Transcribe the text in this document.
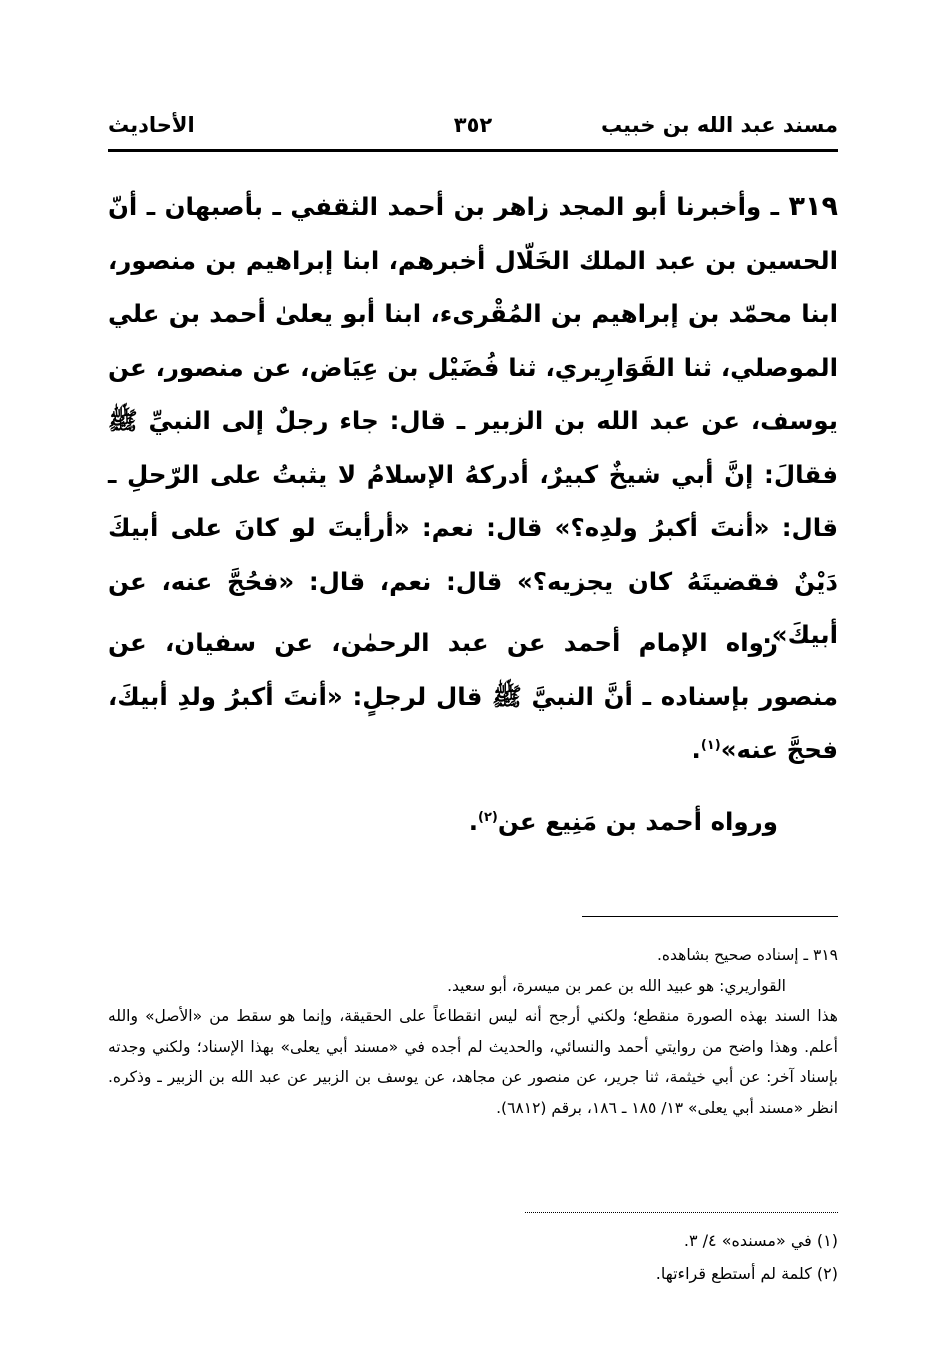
مسند عبد الله بن خبيب
٣٥٢
الأحاديث

٣١٩ ـ وأخبرنا أبو المجد زاهر بن أحمد الثقفي ـ بأصبهان ـ أنّ الحسين بن عبد الملك الخَلّال أخبرهم، ابنا إبراهيم بن منصور، ابنا محمّد بن إبراهيم بن المُقْرىء، ابنا أبو يعلىٰ أحمد بن علي الموصلي، ثنا القَوَارِيري، ثنا فُضَيْل بن عِيَاض، عن منصور، عن يوسف، عن عبد الله بن الزبير ـ قال: جاء رجلٌ إلى النبيِّ ﷺ فقالَ: إنَّ أبي شيخٌ كبيرٌ، أدركهُ الإسلامُ لا يثبتُ على الرّحلِ ـ قال: «أنتَ أكبرُ ولدِه؟» قال: نعم: «أرأيتَ لو كانَ على أبيكَ دَيْنٌ فقضيتَهُ كان يجزيه؟» قال: نعم، قال: «فحُجَّ عنه، عن أبيكَ».

رواه الإمام أحمد عن عبد الرحمٰن، عن سفيان، عن منصور بإسناده ـ أنَّ النبيَّ ﷺ قال لرجلٍ: «أنتَ أكبرُ ولدِ أبيكَ، فحجَّ عنه»$^{(١)}$.
ورواه أحمد بن مَنِيع عن$^{(٢)}$.

٣١٩ ـ إسناده صحيح بشاهده.

القواريري: هو عبيد الله بن عمر بن ميسرة، أبو سعيد.

هذا السند بهذه الصورة منقطع؛ ولكني أرجح أنه ليس انقطاعاً على الحقيقة، وإنما هو سقط من «الأصل» والله أعلم. وهذا واضح من روايتي أحمد والنسائي، والحديث لم أجده في «مسند أبي يعلى» بهذا الإسناد؛ ولكني وجدته بإسناد آخر: عن أبي خيثمة، ثنا جرير، عن منصور عن مجاهد، عن يوسف بن الزبير عن عبد الله بن الزبير ـ وذكره. انظر «مسند أبي يعلى» ١٣/ ١٨٥ ـ ١٨٦، برقم (٦٨١٢).

(١) في «مسنده» ٤/ ٣.

(٢) كلمة لم أستطع قراءتها.
